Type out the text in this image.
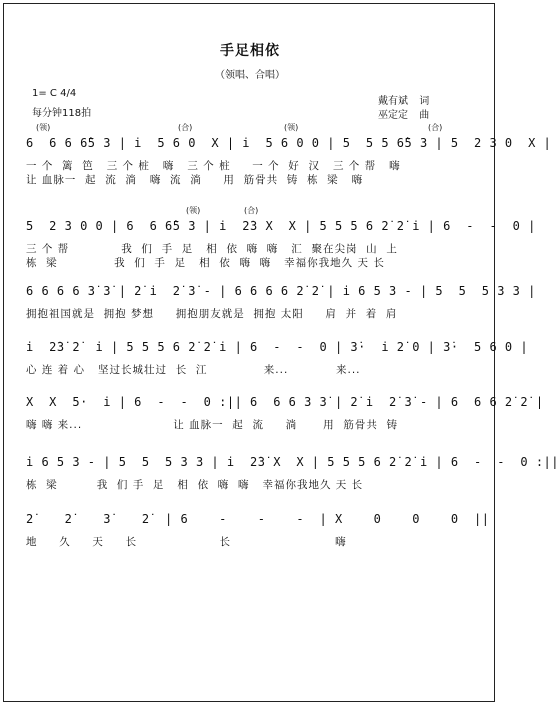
手足相依
（领唱、合唱）
1= C 4/4
每分钟118拍
戴有斌 词
巫定定 曲
(领)	(合)	(领)	(合)
6  6 6 6̂5 3 | i  5 6 0  X | i  5 6 0 0 | 5  5 5 6̂5 3 | 5  2 3 0  X |
一 个  篱  笆   三 个 桩   嗨   三 个 桩     一 个  好  汉   三 个 帮   嗨
让 血脉一  起  流  淌   嗨  流  淌     用  筋骨共  铸  栋  梁   嗨
(领)	(合)
5  2 3 0 0 | 6  6 6̂5 3 | i  2̇3 X  X | 5 5 5 6 2̇ 2̇ i | 6  -  -  0 |
三 个 帮            我  们  手  足   相  依  嗨  嗨   汇  聚在尖岗  山  上
栋  梁             我  们  手  足   相  依  嗨  嗨   幸福你我地久 天 长
6 6 6 6 3̇ 3̇ | 2̇ i  2̇ 3̇ - | 6 6 6 6 2̇ 2̇ | i 6 5 3 - | 5  5  5 3 3 |
拥抱祖国就是  拥抱 梦想     拥抱朋友就是  拥抱 太阳     肩  并  着  肩
i  2̇3̇ 2̇  i | 5 5 5 6 2̇ 2̇ i | 6  -  -  0 | 3̇·  i 2̇ 0 | 3̇·  5 6 0 |
心 连 着 心   坚过长城壮过  长  江             来...           来...
X  X  5·  i | 6  -  -  0 :|| 6  6 6 3 3̇ | 2̇ i  2̇ 3̇ - | 6  6 6 2̇ 2̇ |
嗨 嗨 来...                     让 血脉一  起  流     淌      用  筋骨共  铸
i 6 5 3 - | 5  5  5 3 3 | i  2̇3̇ X  X | 5 5 5 6 2̇ 2̇ i | 6  -  -  0 :||
栋  梁         我  们 手  足   相  依  嗨  嗨   幸福你我地久 天 长
2̇    2̇    3̇    2̇  | 6    -    -    -  | X    0    0    0  ||
地     久     天     长                   长                        嗨
